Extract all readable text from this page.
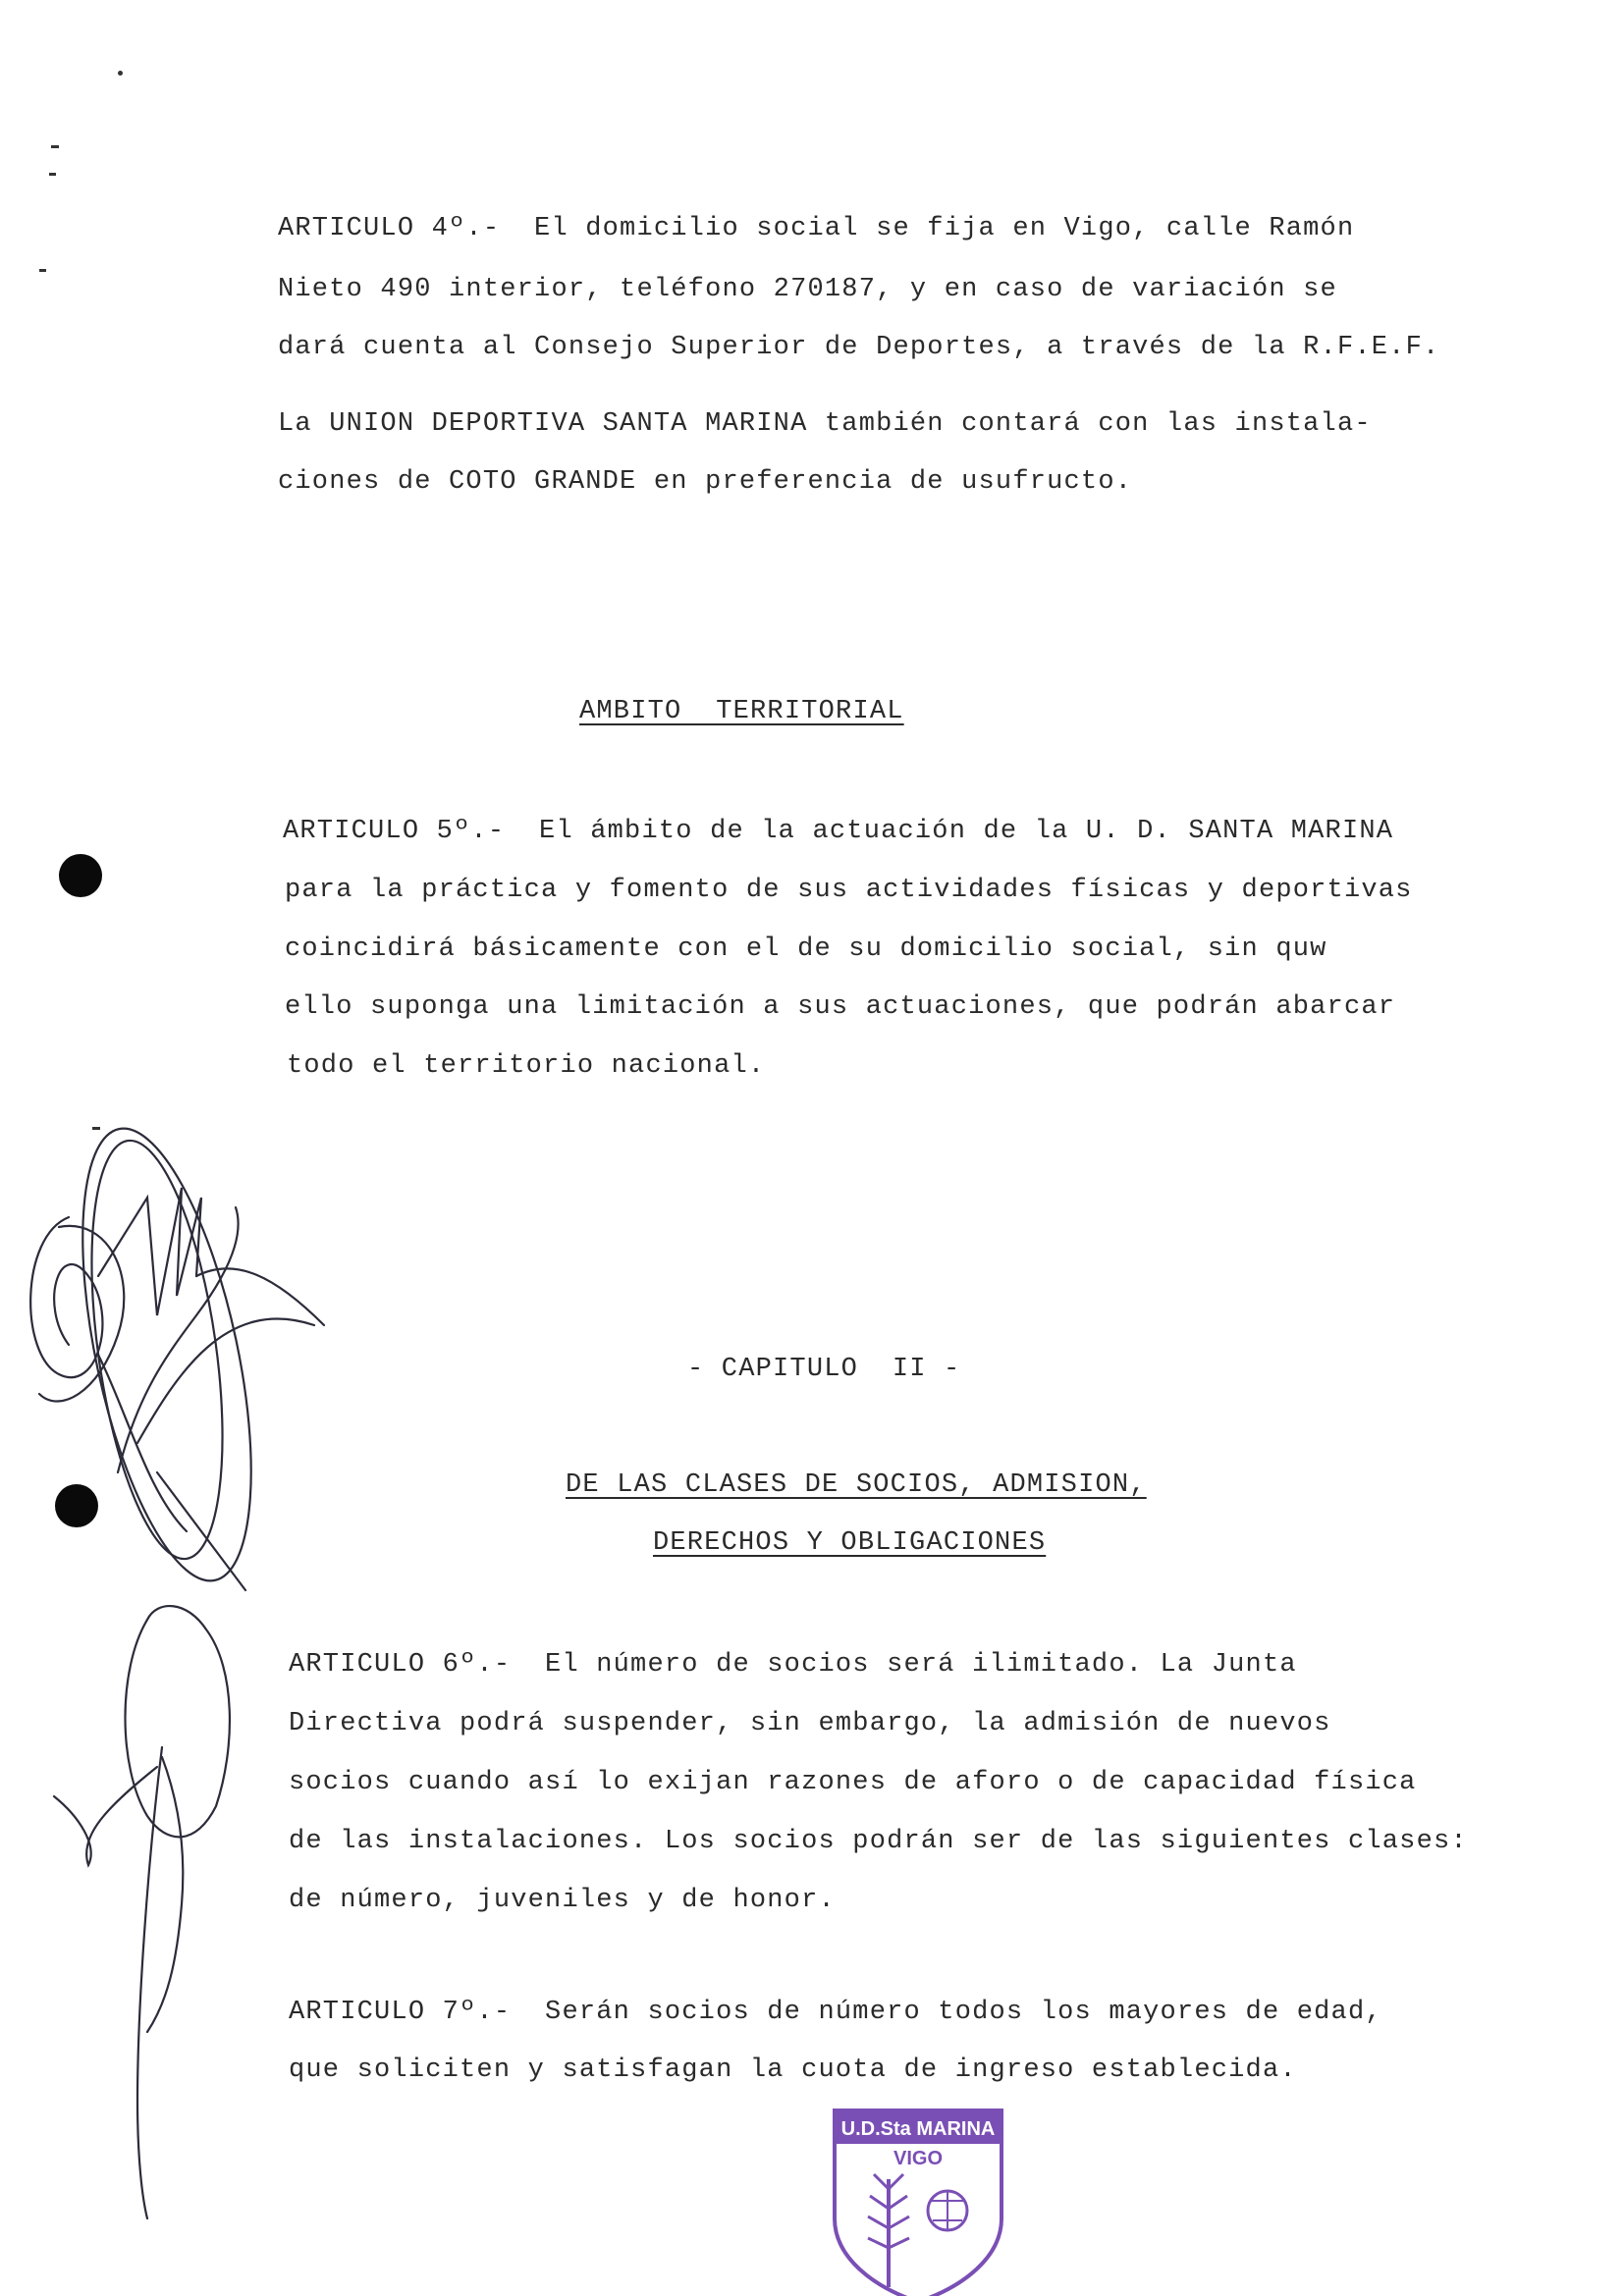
ARTICULO 4º.-  El domicilio social se fija en Vigo, calle Ramón
Nieto 490 interior, teléfono 270187, y en caso de variación se
dará cuenta al Consejo Superior de Deportes, a través de la R.F.E.F.
La UNION DEPORTIVA SANTA MARINA también contará con las instala-
ciones de COTO GRANDE en preferencia de usufructo.
AMBITO  TERRITORIAL
ARTICULO 5º.-  El ámbito de la actuación de la U. D. SANTA MARINA
para la práctica y fomento de sus actividades físicas y deportivas
coincidirá básicamente con el de su domicilio social, sin quw
ello suponga una limitación a sus actuaciones, que podrán abarcar
todo el territorio nacional.
- CAPITULO  II -
DE LAS CLASES DE SOCIOS, ADMISION,
DERECHOS Y OBLIGACIONES
ARTICULO 6º.-  El número de socios será ilimitado. La Junta
Directiva podrá suspender, sin embargo, la admisión de nuevos
socios cuando así lo exijan razones de aforo o de capacidad física
de las instalaciones. Los socios podrán ser de las siguientes clases:
de número, juveniles y de honor.
ARTICULO 7º.-  Serán socios de número todos los mayores de edad,
que soliciten y satisfagan la cuota de ingreso establecida.
U.D.Sta MARINA
VIGO
